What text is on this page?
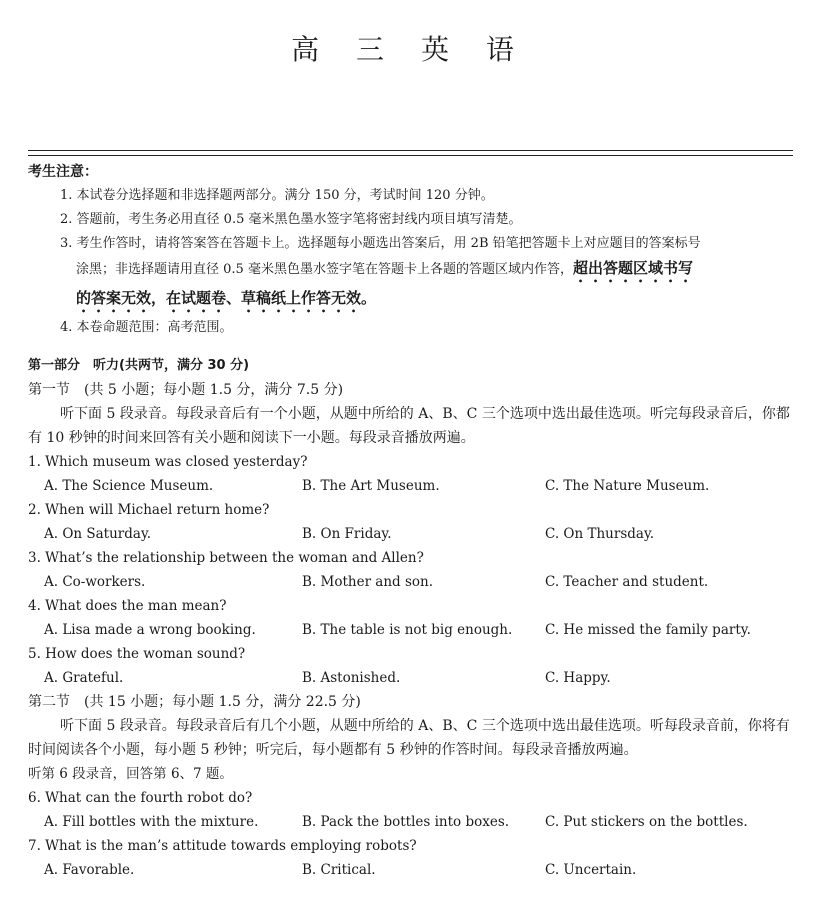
高 三 英 语
考生注意：
1. 本试卷分选择题和非选择题两部分。满分 150 分，考试时间 120 分钟。
2. 答题前，考生务必用直径 0.5 毫米黑色墨水签字笔将密封线内项目填写清楚。
3. 考生作答时，请将答案答在答题卡上。选择题每小题选出答案后，用 2B 铅笔把答题卡上对应题目的答案标号
涂黑；非选择题请用直径 0.5 毫米黑色墨水签字笔在答题卡上各题的答题区域内作答，超出答题区域书写
的答案无效，在试题卷、草稿纸上作答无效。
4. 本卷命题范围：高考范围。
第一部分　听力(共两节，满分 30 分)
第一节　(共 5 小题；每小题 1.5 分，满分 7.5 分)
听下面 5 段录音。每段录音后有一个小题，从题中所给的 A、B、C 三个选项中选出最佳选项。听完每段录音后，你都有 10 秒钟的时间来回答有关小题和阅读下一小题。每段录音播放两遍。
1. Which museum was closed yesterday?
A. The Science Museum.	B. The Art Museum.	C. The Nature Museum.
2. When will Michael return home?
A. On Saturday.	B. On Friday.	C. On Thursday.
3. What’s the relationship between the woman and Allen?
A. Co-workers.	B. Mother and son.	C. Teacher and student.
4. What does the man mean?
A. Lisa made a wrong booking.	B. The table is not big enough.	C. He missed the family party.
5. How does the woman sound?
A. Grateful.	B. Astonished.	C. Happy.
第二节　(共 15 小题；每小题 1.5 分，满分 22.5 分)
听下面 5 段录音。每段录音后有几个小题，从题中所给的 A、B、C 三个选项中选出最佳选项。听每段录音前，你将有时间阅读各个小题，每小题 5 秒钟；听完后，每小题都有 5 秒钟的作答时间。每段录音播放两遍。
听第 6 段录音，回答第 6、7 题。
6. What can the fourth robot do?
A. Fill bottles with the mixture.	B. Pack the bottles into boxes.	C. Put stickers on the bottles.
7. What is the man’s attitude towards employing robots?
A. Favorable.	B. Critical.	C. Uncertain.
